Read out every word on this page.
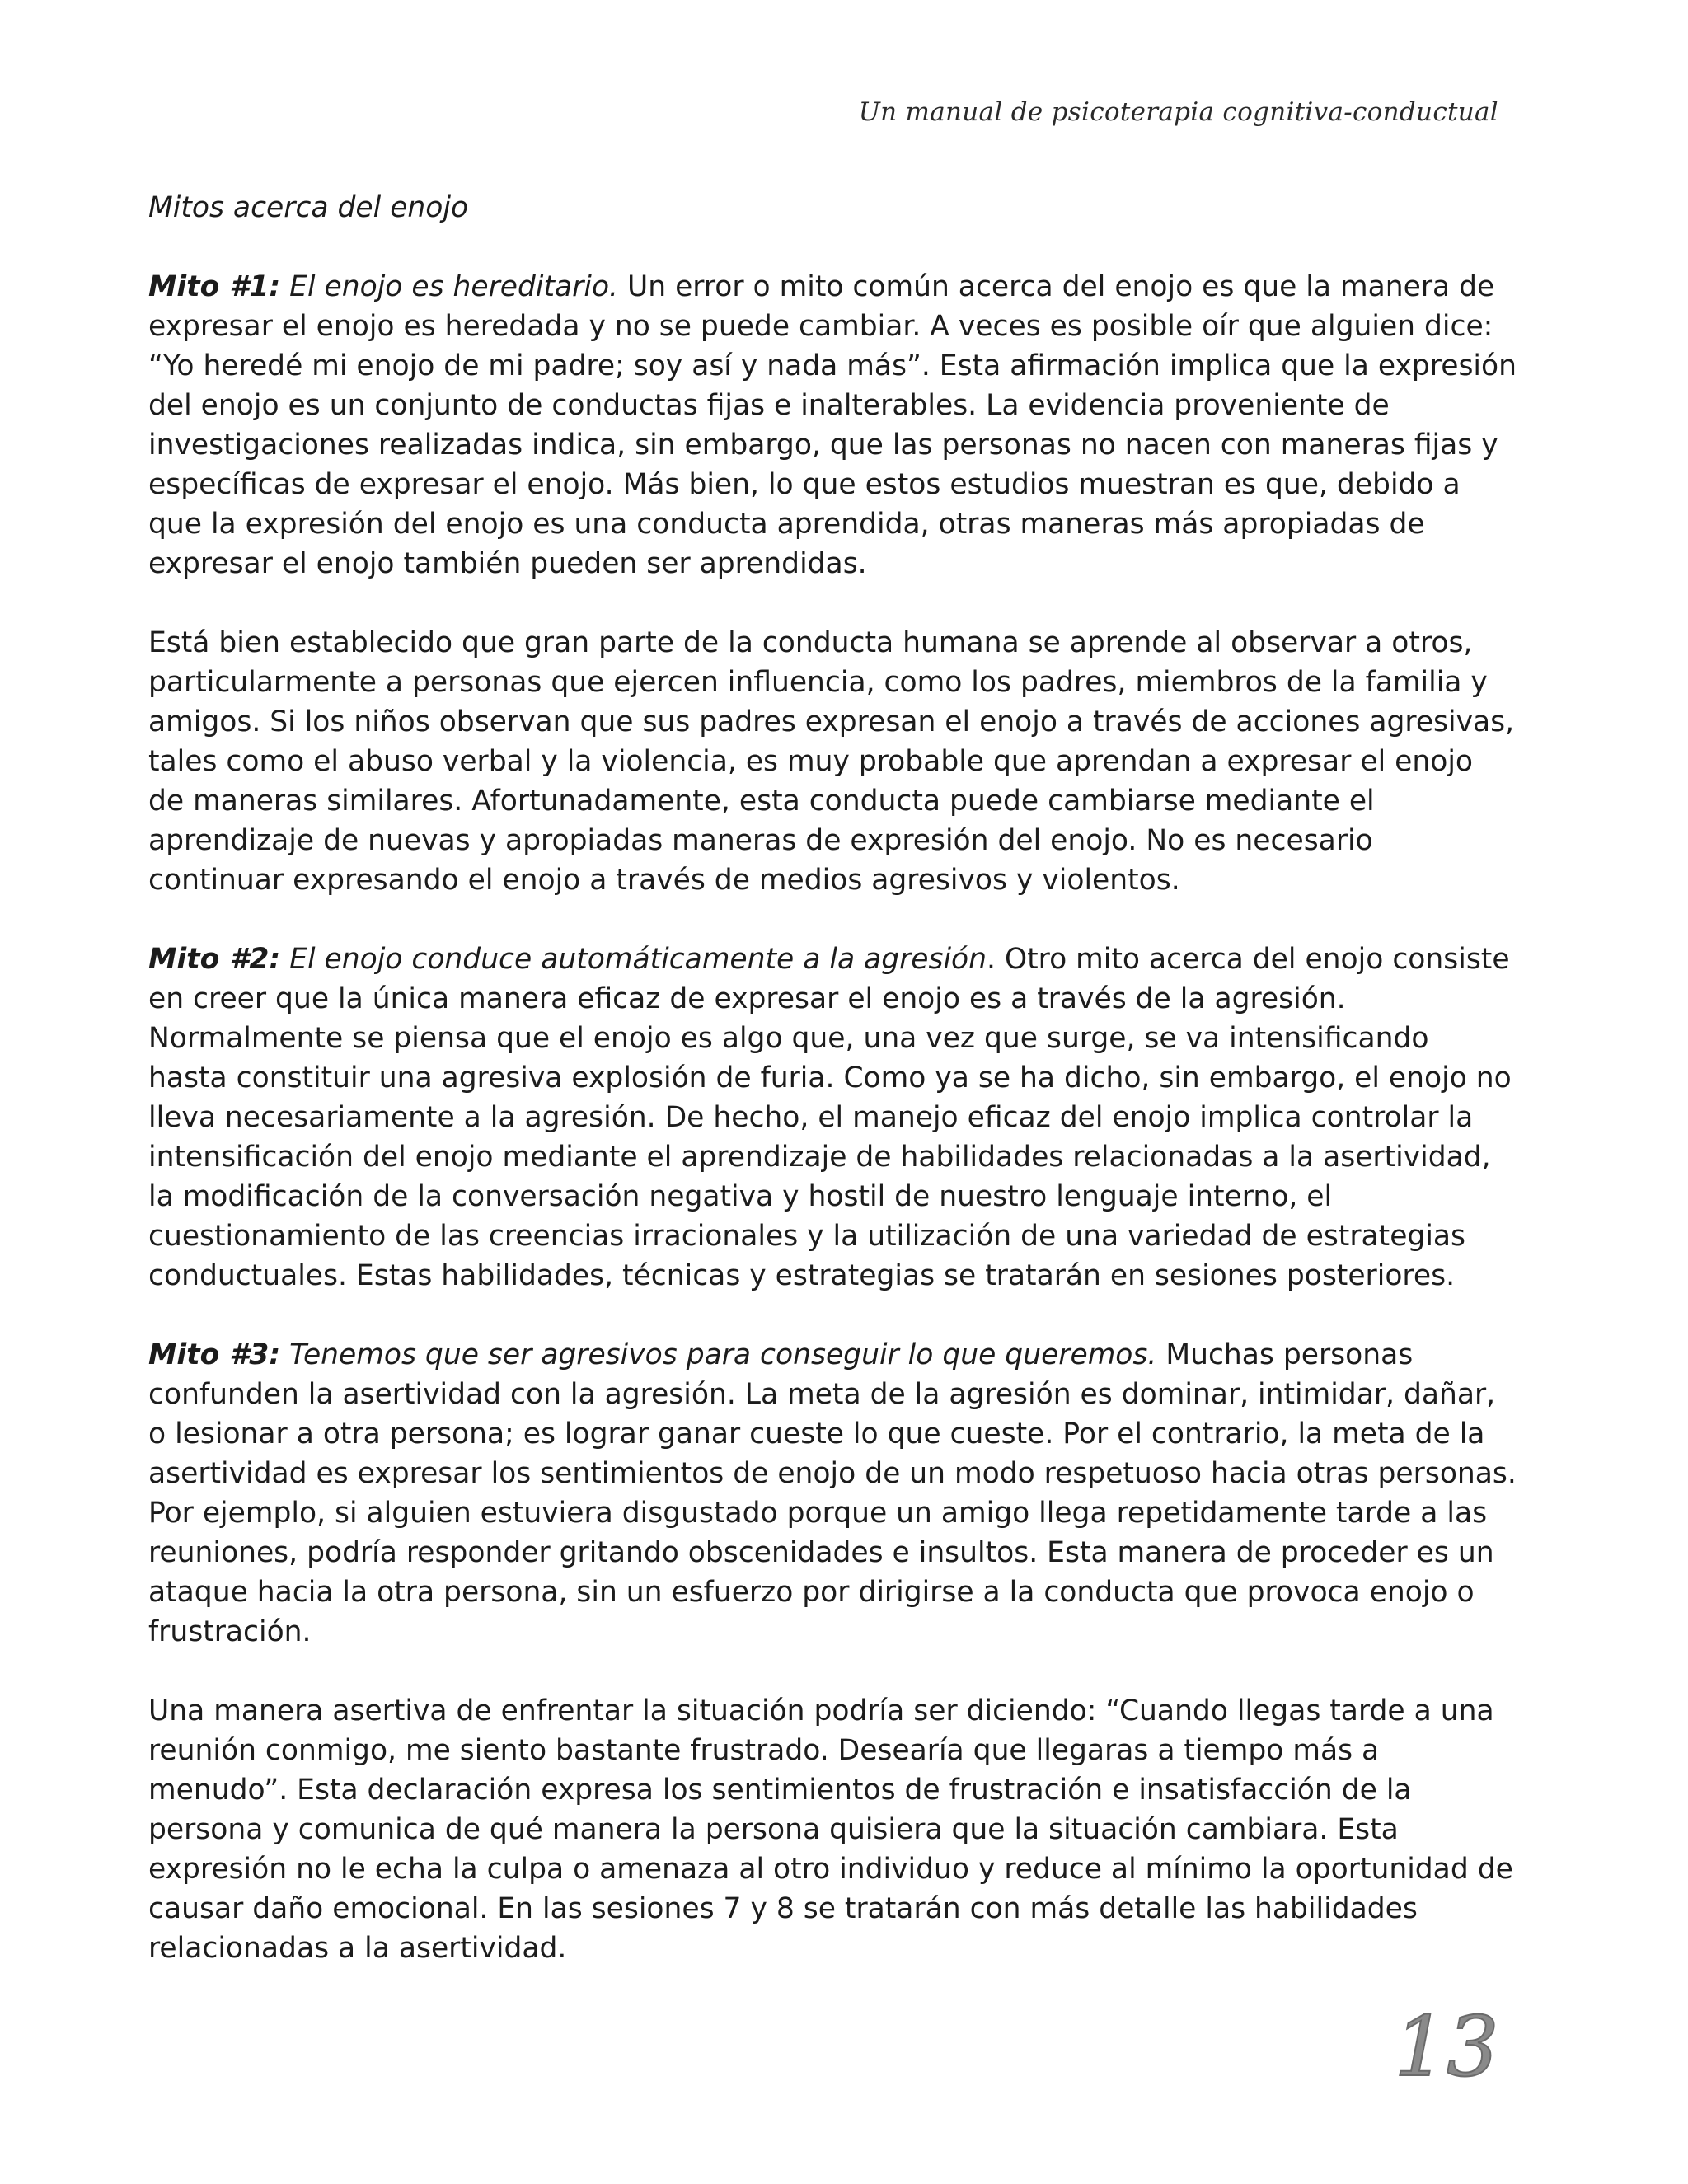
Un manual de psicoterapia cognitiva-conductual

Mitos acerca del enojo

Mito #1: El enojo es hereditario. Un error o mito común acerca del enojo es que la manera de expresar el enojo es heredada y no se puede cambiar. A veces es posible oír que alguien dice: “Yo heredé mi enojo de mi padre; soy así y nada más”. Esta afirmación implica que la expresión del enojo es un conjunto de conductas fijas e inalterables. La evidencia proveniente de investigaciones realizadas indica, sin embargo, que las personas no nacen con maneras fijas y específicas de expresar el enojo. Más bien, lo que estos estudios muestran es que, debido a que la expresión del enojo es una conducta aprendida, otras maneras más apropiadas de expresar el enojo también pueden ser aprendidas.

Está bien establecido que gran parte de la conducta humana se aprende al observar a otros, particularmente a personas que ejercen influencia, como los padres, miembros de la familia y amigos. Si los niños observan que sus padres expresan el enojo a través de acciones agresivas, tales como el abuso verbal y la violencia, es muy probable que aprendan a expresar el enojo de maneras similares. Afortunadamente, esta conducta puede cambiarse mediante el aprendizaje de nuevas y apropiadas maneras de expresión del enojo. No es necesario continuar expresando el enojo a través de medios agresivos y violentos.

Mito #2: El enojo conduce automáticamente a la agresión. Otro mito acerca del enojo consiste en creer que la única manera eficaz de expresar el enojo es a través de la agresión. Normalmente se piensa que el enojo es algo que, una vez que surge, se va intensificando hasta constituir una agresiva explosión de furia. Como ya se ha dicho, sin embargo, el enojo no lleva necesariamente a la agresión. De hecho, el manejo eficaz del enojo implica controlar la intensificación del enojo mediante el aprendizaje de habilidades relacionadas a la asertividad, la modificación de la conversación negativa y hostil de nuestro lenguaje interno, el cuestionamiento de las creencias irracionales y la utilización de una variedad de estrategias conductuales. Estas habilidades, técnicas y estrategias se tratarán en sesiones posteriores.

Mito #3: Tenemos que ser agresivos para conseguir lo que queremos. Muchas personas confunden la asertividad con la agresión. La meta de la agresión es dominar, intimidar, dañar, o lesionar a otra persona; es lograr ganar cueste lo que cueste. Por el contrario, la meta de la asertividad es expresar los sentimientos de enojo de un modo respetuoso hacia otras personas. Por ejemplo, si alguien estuviera disgustado porque un amigo llega repetidamente tarde a las reuniones, podría responder gritando obscenidades e insultos. Esta manera de proceder es un ataque hacia la otra persona, sin un esfuerzo por dirigirse a la conducta que provoca enojo o frustración.

Una manera asertiva de enfrentar la situación podría ser diciendo: “Cuando llegas tarde a una reunión conmigo, me siento bastante frustrado. Desearía que llegaras a tiempo más a menudo”. Esta declaración expresa los sentimientos de frustración e insatisfacción de la persona y comunica de qué manera la persona quisiera que la situación cambiara. Esta expresión no le echa la culpa o amenaza al otro individuo y reduce al mínimo la oportunidad de causar daño emocional. En las sesiones 7 y 8 se tratarán con más detalle las habilidades relacionadas a la asertividad.

13
